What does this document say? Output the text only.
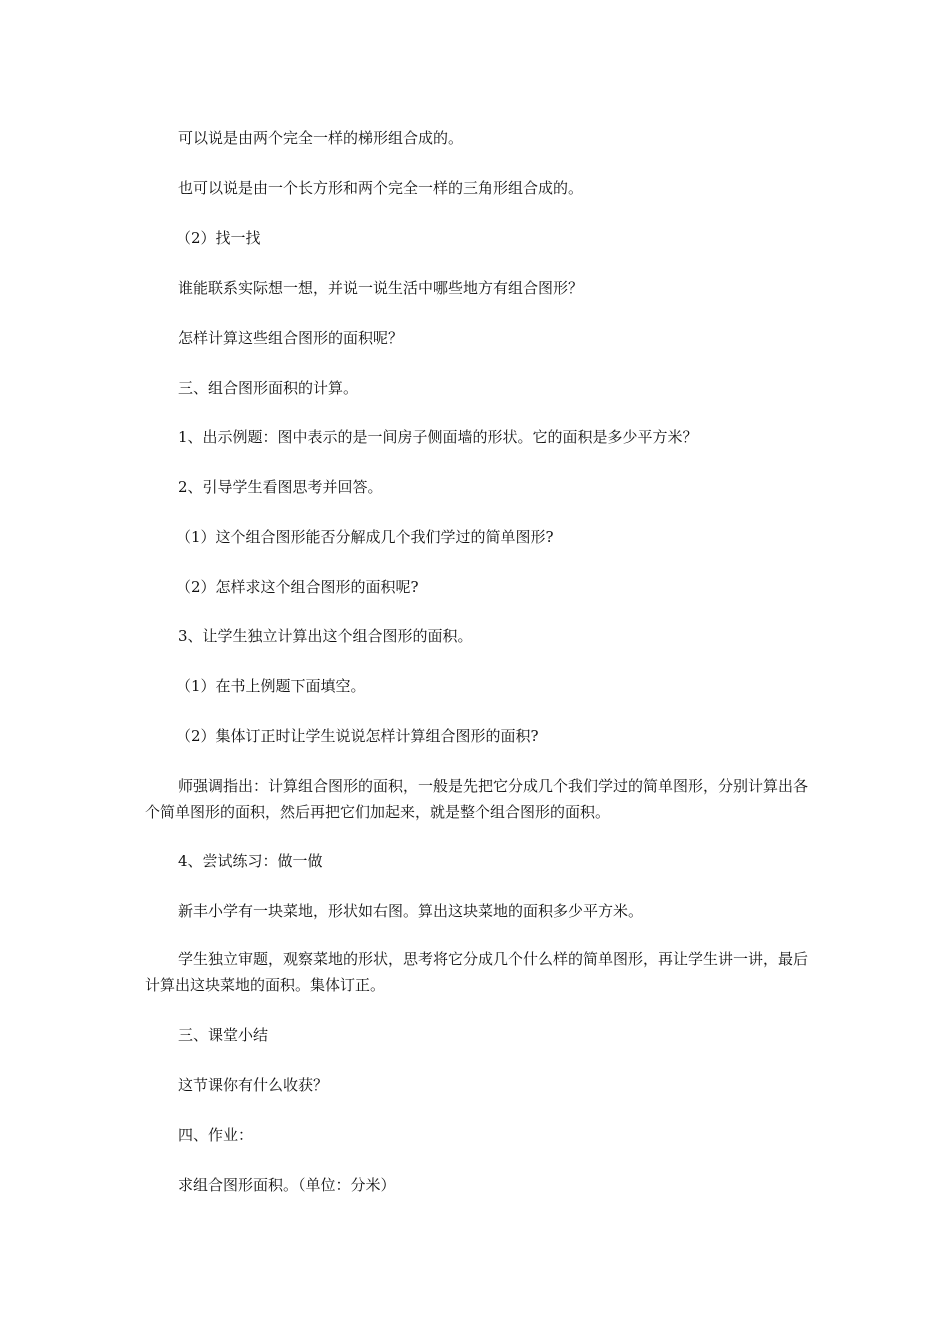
可以说是由两个完全一样的梯形组合成的。

也可以说是由一个长方形和两个完全一样的三角形组合成的。

（2）找一找

谁能联系实际想一想，并说一说生活中哪些地方有组合图形？

怎样计算这些组合图形的面积呢？

三、组合图形面积的计算。

1、出示例题：图中表示的是一间房子侧面墙的形状。它的面积是多少平方米？

2、引导学生看图思考并回答。

（1）这个组合图形能否分解成几个我们学过的简单图形?

（2）怎样求这个组合图形的面积呢?

3、让学生独立计算出这个组合图形的面积。

（1）在书上例题下面填空。

（2）集体订正时让学生说说怎样计算组合图形的面积?

师强调指出：计算组合图形的面积，一般是先把它分成几个我们学过的简单图形，分别计算出各个简单图形的面积，然后再把它们加起来，就是整个组合图形的面积。

4、尝试练习：做一做

新丰小学有一块菜地，形状如右图。算出这块菜地的面积多少平方米。

学生独立审题，观察菜地的形状，思考将它分成几个什么样的简单图形，再让学生讲一讲，最后计算出这块菜地的面积。集体订正。

三、课堂小结

这节课你有什么收获？

四、作业：

求组合图形面积。（单位：分米）
